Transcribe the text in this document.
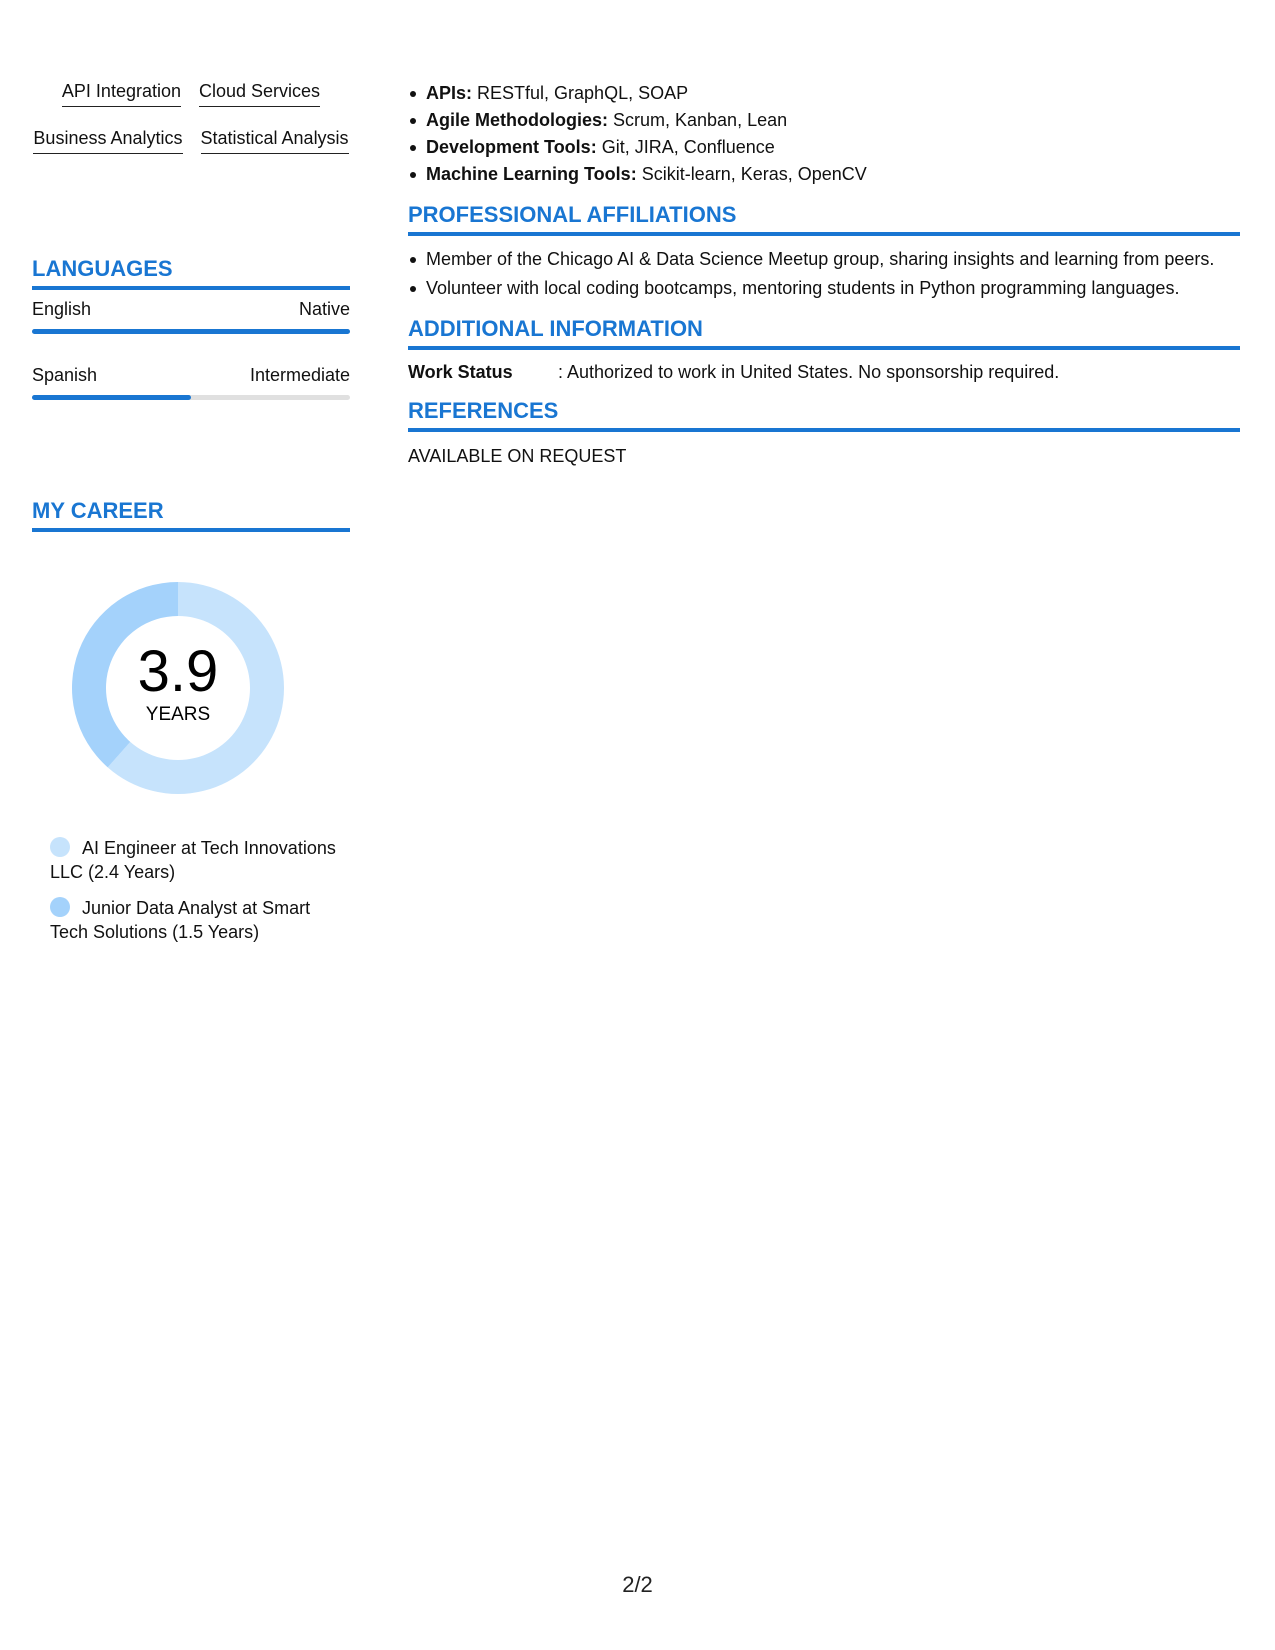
API Integration Cloud Services
Business Analytics Statistical Analysis
LANGUAGES
English	Native
Spanish	Intermediate
MY CAREER
3.9
YEARS
AI Engineer at Tech Innovations LLC (2.4 Years)
Junior Data Analyst at Smart Tech Solutions (1.5 Years)
APIs: RESTful, GraphQL, SOAP
Agile Methodologies: Scrum, Kanban, Lean
Development Tools: Git, JIRA, Confluence
Machine Learning Tools: Scikit-learn, Keras, OpenCV
PROFESSIONAL AFFILIATIONS
Member of the Chicago AI & Data Science Meetup group, sharing insights and learning from peers.
Volunteer with local coding bootcamps, mentoring students in Python programming languages.
ADDITIONAL INFORMATION
Work Status	: Authorized to work in United States. No sponsorship required.
REFERENCES
AVAILABLE ON REQUEST
2/2
